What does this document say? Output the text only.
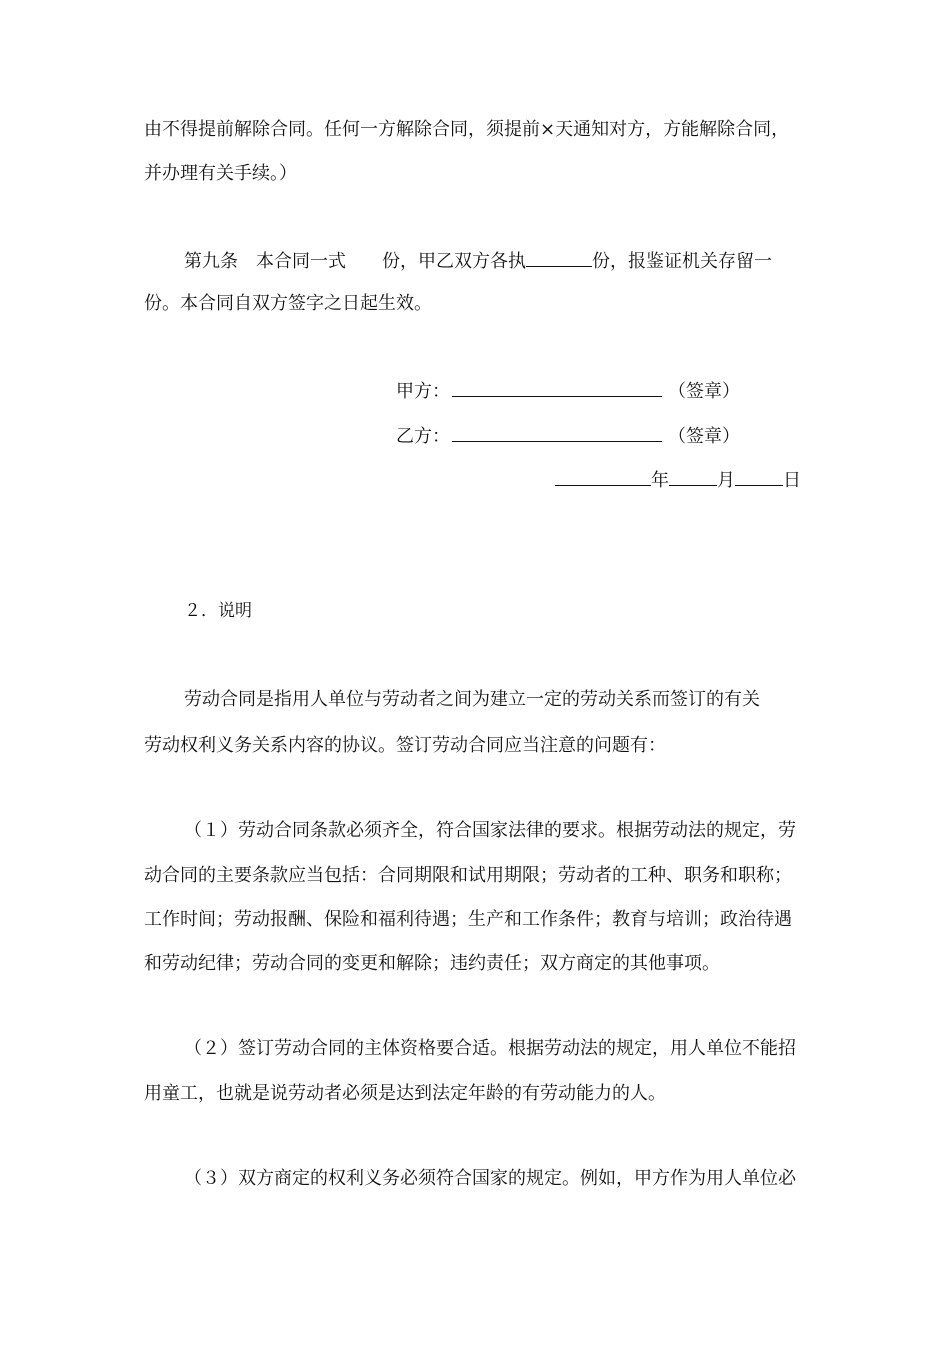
由不得提前解除合同。任何一方解除合同，须提前×天通知对方，方能解除合同，

并办理有关手续。）

第九条　本合同一式　　份，甲乙双方各执	份，报鉴证机关存留一

份。本合同自双方签字之日起生效。

甲方：	（签章）
乙方：	（签章）
年	月	日

２．说明

劳动合同是指用人单位与劳动者之间为建立一定的劳动关系而签订的有关

劳动权利义务关系内容的协议。签订劳动合同应当注意的问题有：

（１）劳动合同条款必须齐全，符合国家法律的要求。根据劳动法的规定，劳

动合同的主要条款应当包括：合同期限和试用期限；劳动者的工种、职务和职称；

工作时间；劳动报酬、保险和福利待遇；生产和工作条件；教育与培训；政治待遇

和劳动纪律；劳动合同的变更和解除；违约责任；双方商定的其他事项。

（２）签订劳动合同的主体资格要合适。根据劳动法的规定，用人单位不能招

用童工，也就是说劳动者必须是达到法定年龄的有劳动能力的人。

（３）双方商定的权利义务必须符合国家的规定。例如，甲方作为用人单位必
